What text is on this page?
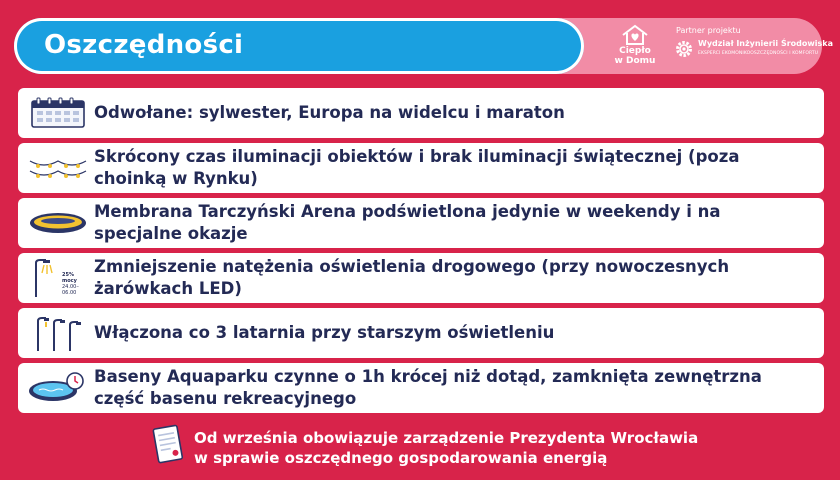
Oszczędności	Ciepło
w Domu
Partner projektu
Wydział Inżynierii Środowiska
EKSPERCI EKOMONIKOOSZCZĘDNOŚCI I KOMFORTU
Odwołane: sylwester, Europa na widelcu i maraton
Skrócony czas iluminacji obiektów i brak iluminacji świątecznej (poza choinką w Rynku)
Membrana Tarczyński Arena podświetlona jedynie w weekendy i na specjalne okazje
25% mocy
24.00–06.00
Zmniejszenie natężenia oświetlenia drogowego (przy nowoczesnych żarówkach LED)
Włączona co 3 latarnia przy starszym oświetleniu
Baseny Aquaparku czynne o 1h krócej niż dotąd, zamknięta zewnętrzna część basenu rekreacyjnego
Od września obowiązuje zarządzenie Prezydenta Wrocławia
w sprawie oszczędnego gospodarowania energią
